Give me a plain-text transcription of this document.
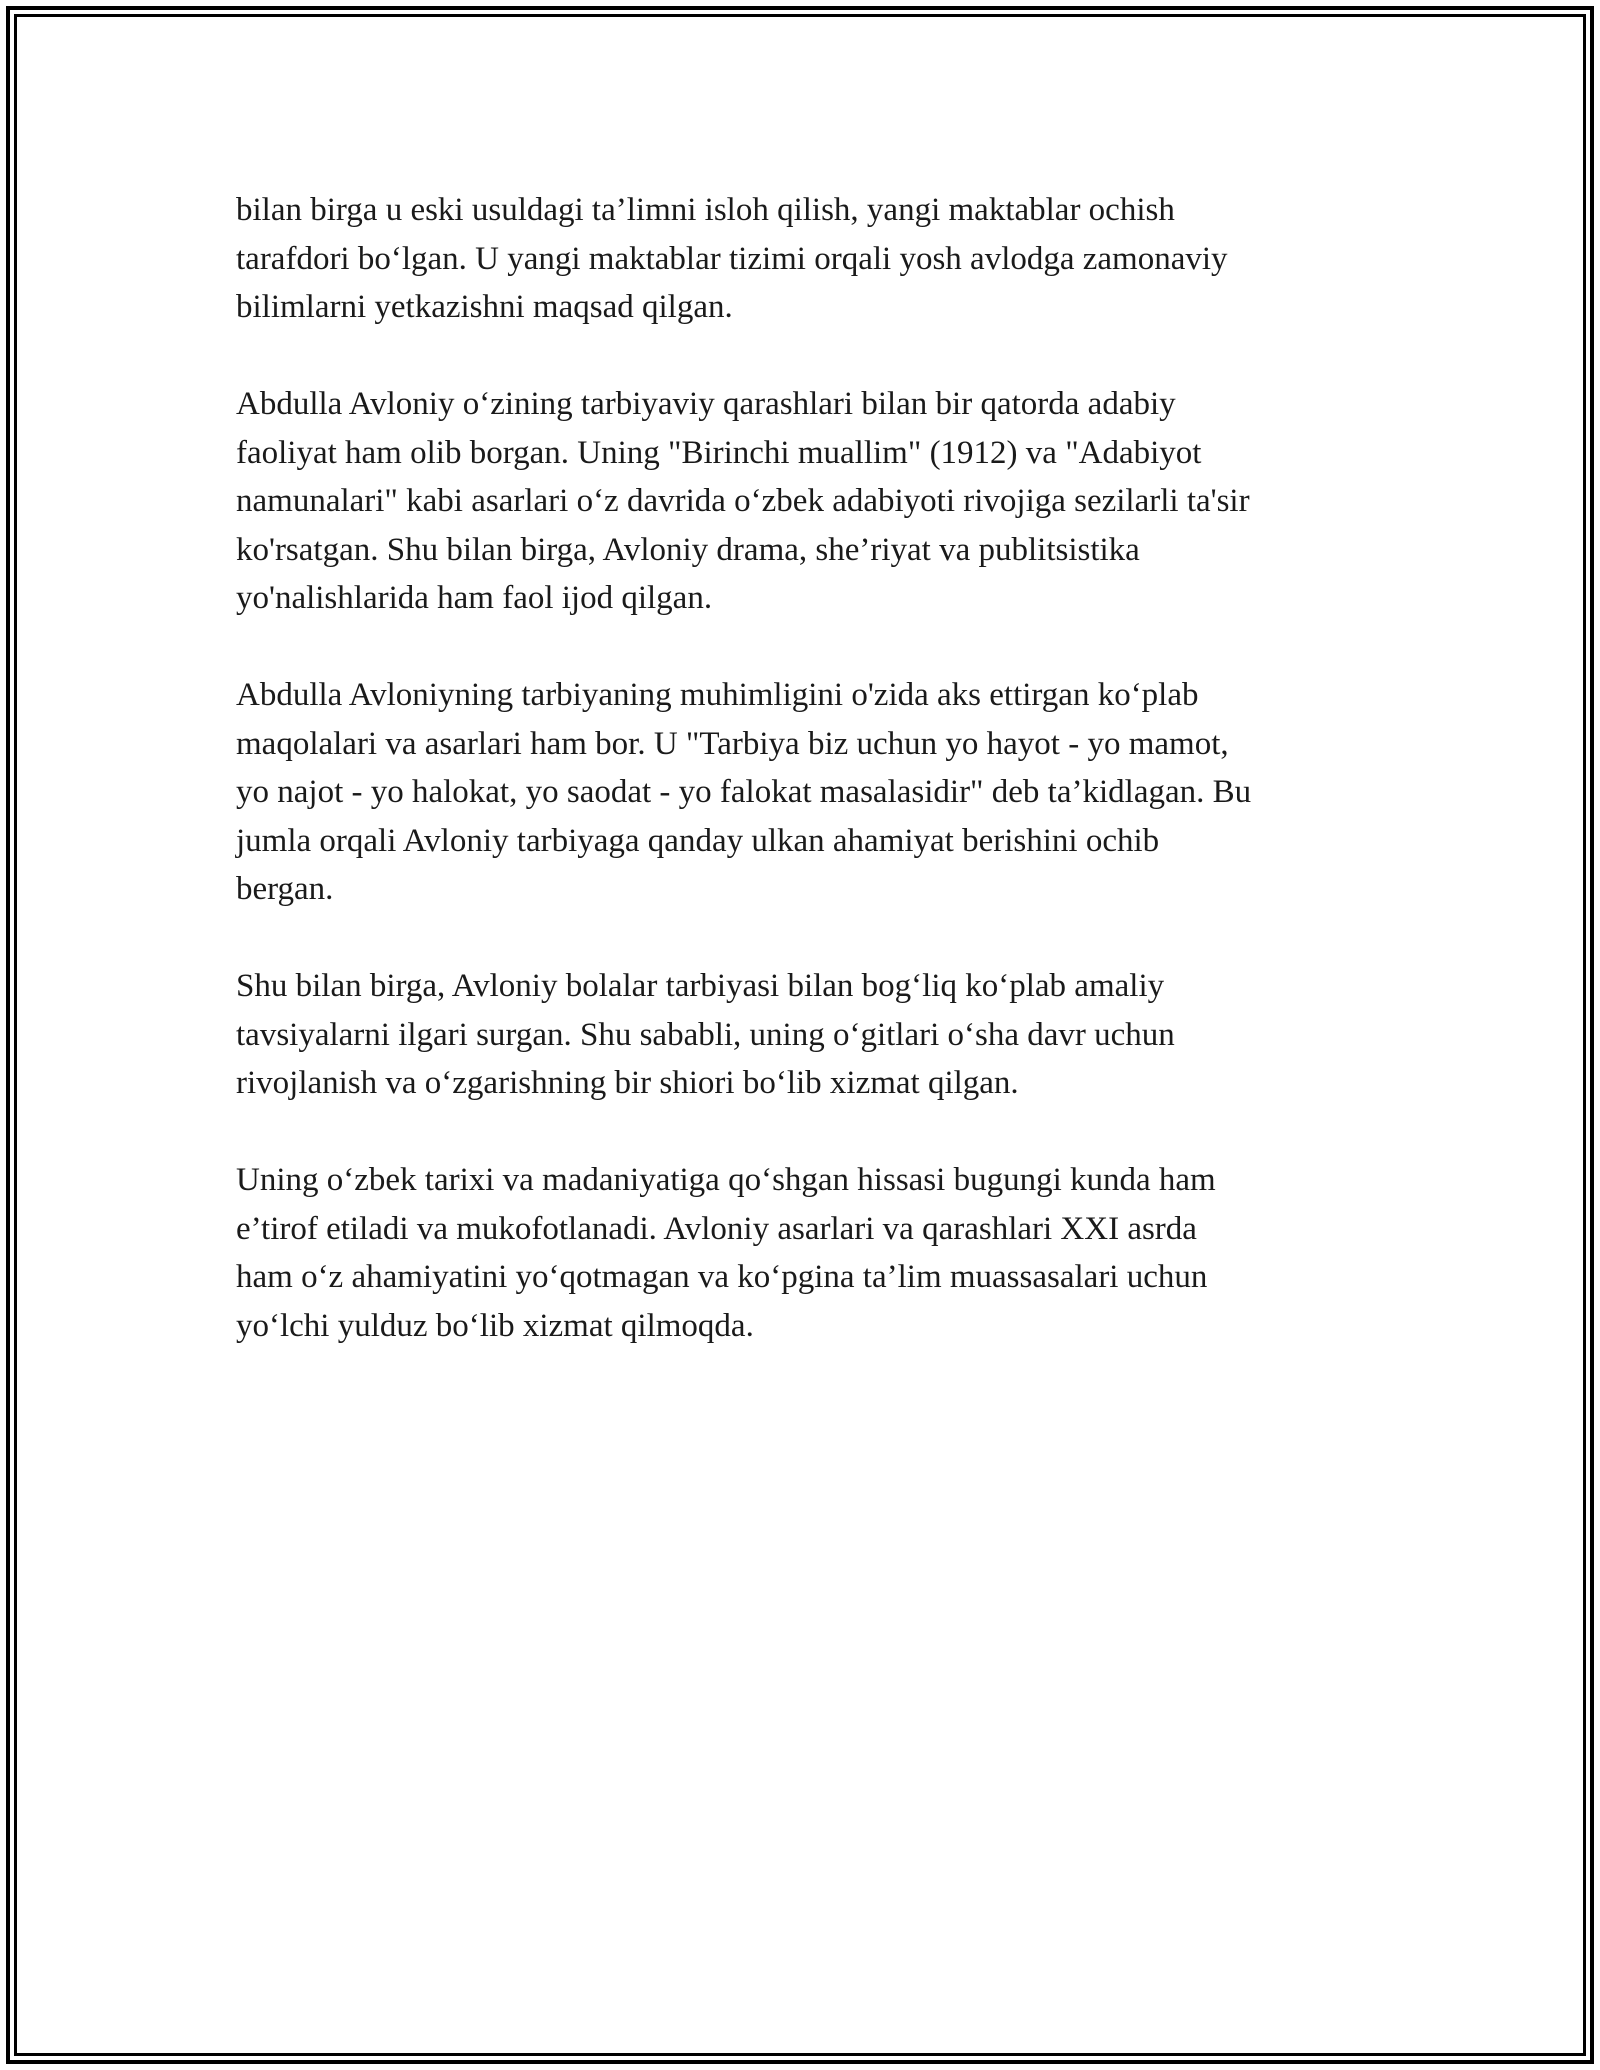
bilan birga u eski usuldagi ta’limni isloh qilish, yangi maktablar ochish
tarafdori bo‘lgan. U yangi maktablar tizimi orqali yosh avlodga zamonaviy
bilimlarni yetkazishni maqsad qilgan.

Abdulla Avloniy o‘zining tarbiyaviy qarashlari bilan bir qatorda adabiy
faoliyat ham olib borgan. Uning "Birinchi muallim" (1912) va "Adabiyot
namunalari" kabi asarlari o‘z davrida o‘zbek adabiyoti rivojiga sezilarli ta'sir
ko'rsatgan. Shu bilan birga, Avloniy drama, she’riyat va publitsistika
yo'nalishlarida ham faol ijod qilgan.

Abdulla Avloniyning tarbiyaning muhimligini o'zida aks ettirgan ko‘plab
maqolalari va asarlari ham bor. U "Tarbiya biz uchun yo hayot - yo mamot,
yo najot - yo halokat, yo saodat - yo falokat masalasidir" deb ta’kidlagan. Bu
jumla orqali Avloniy tarbiyaga qanday ulkan ahamiyat berishini ochib
bergan.

Shu bilan birga, Avloniy bolalar tarbiyasi bilan bog‘liq ko‘plab amaliy
tavsiyalarni ilgari surgan. Shu sababli, uning o‘gitlari o‘sha davr uchun
rivojlanish va o‘zgarishning bir shiori bo‘lib xizmat qilgan.

Uning o‘zbek tarixi va madaniyatiga qo‘shgan hissasi bugungi kunda ham
e’tirof etiladi va mukofotlanadi. Avloniy asarlari va qarashlari XXI asrda
ham o‘z ahamiyatini yo‘qotmagan va ko‘pgina ta’lim muassasalari uchun
yo‘lchi yulduz bo‘lib xizmat qilmoqda.
